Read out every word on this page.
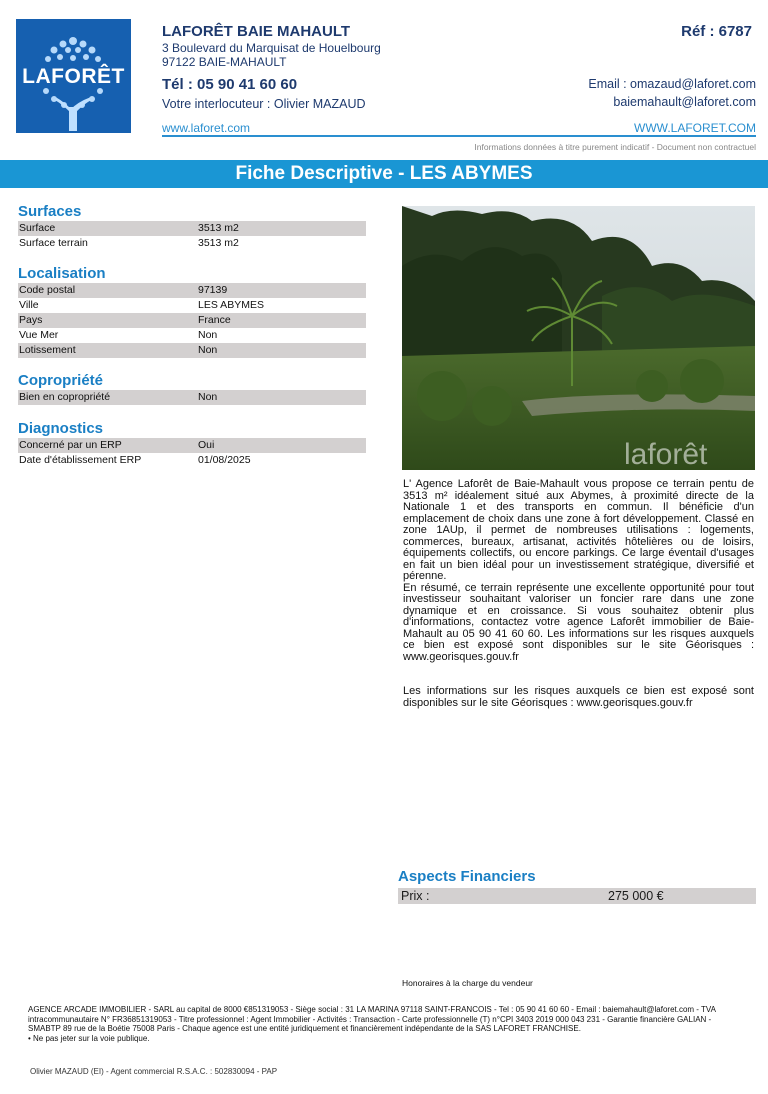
LAFORÊT
LAFORÊT BAIE MAHAULT
3 Boulevard du Marquisat de Houelbourg
97122 BAIE-MAHAULT
Tél : 05 90 41 60 60
Votre interlocuteur : Olivier MAZAUD
Réf : 6787
Email : omazaud@laforet.com
baiemahault@laforet.com
www.laforet.com	WWW.LAFORET.COM
Informations données à titre purement indicatif - Document non contractuel
Fiche Descriptive - LES ABYMES
Surfaces
Surface	3513 m2
Surface terrain	3513 m2
Localisation
Code postal	97139
Ville	LES ABYMES
Pays	France
Vue Mer	Non
Lotissement	Non
Copropriété
Bien en copropriété	Non
Diagnostics
Concerné par un ERP	Oui
Date d'établissement ERP	01/08/2025	laforêt

L' Agence Laforêt de Baie-Mahault vous propose ce terrain pentu de 3513 m² idéalement situé aux Abymes, à proximité directe de la Nationale 1 et des transports en commun. Il bénéficie d'un emplacement de choix dans une zone à fort développement. Classé en zone 1AUp, il permet de nombreuses utilisations : logements, commerces, bureaux, artisanat, activités hôtelières ou de loisirs, équipements collectifs, ou encore parkings. Ce large éventail d'usages en fait un bien idéal pour un investissement stratégique, diversifié et pérenne.

En résumé, ce terrain représente une excellente opportunité pour tout investisseur souhaitant valoriser un foncier rare dans une zone dynamique et en croissance. Si vous souhaitez obtenir plus d'informations, contactez votre agence Laforêt immobilier de Baie-Mahault au 05 90 41 60 60. Les informations sur les risques auxquels ce bien est exposé sont disponibles sur le site Géorisques : www.georisques.gouv.fr

Les informations sur les risques auxquels ce bien est exposé sont disponibles sur le site Géorisques : www.georisques.gouv.fr

Aspects Financiers
Prix :	275 000 €
Honoraires à la charge du vendeur
AGENCE ARCADE IMMOBILIER - SARL au capital de 8000 €851319053 - Siège social : 31 LA MARINA 97118 SAINT-FRANCOIS - Tel : 05 90 41 60 60 - Email : baiemahault@laforet.com - TVA intracommunautaire N° FR36851319053 - Titre professionnel : Agent Immobilier - Activités : Transaction - Carte professionnelle (T) n°CPI 3403 2019 000 043 231 - Garantie financière GALIAN - SMABTP 89 rue de la Boétie 75008 Paris - Chaque agence est une entité juridiquement et financièrement indépendante de la SAS LAFORET FRANCHISE.
• Ne pas jeter sur la voie publique.
Olivier MAZAUD (EI) - Agent commercial R.S.A.C. : 502830094 - PAP
